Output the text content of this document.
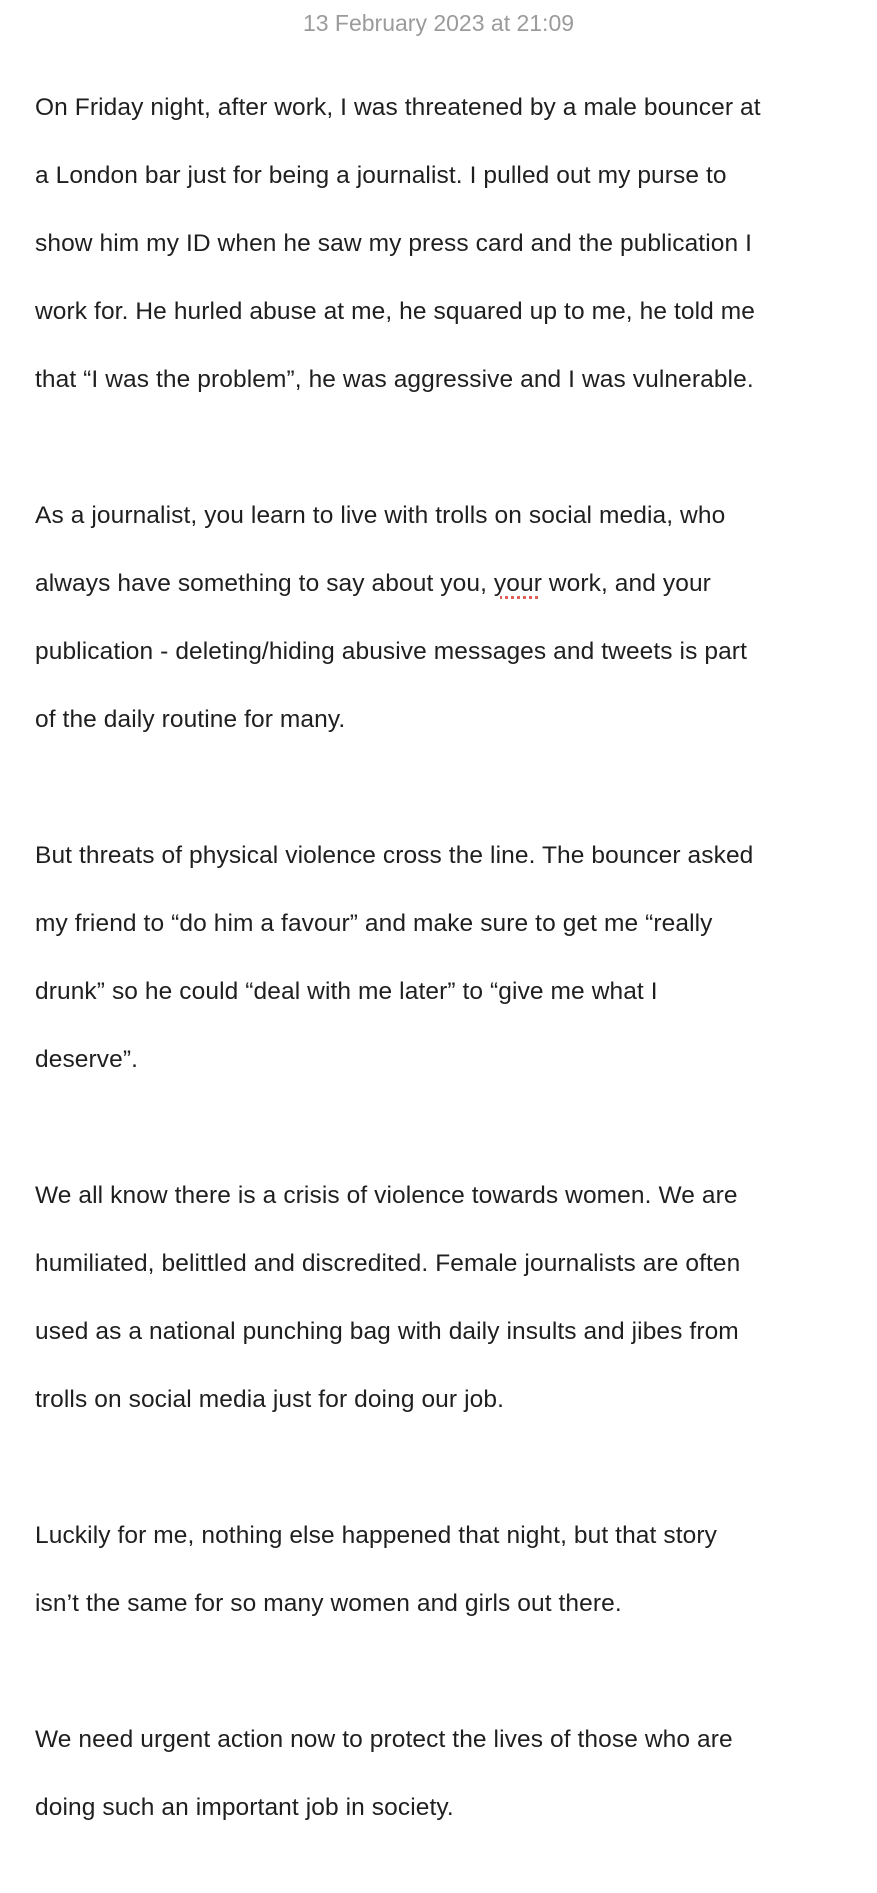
13 February 2023 at 21:09

On Friday night, after work, I was threatened by a male bouncer at

a London bar just for being a journalist. I pulled out my purse to

show him my ID when he saw my press card and the publication I

work for. He hurled abuse at me, he squared up to me, he told me

that “I was the problem”, he was aggressive and I was vulnerable.

As a journalist, you learn to live with trolls on social media, who

always have something to say about you, your work, and your

publication - deleting/hiding abusive messages and tweets is part

of the daily routine for many.

But threats of physical violence cross the line. The bouncer asked

my friend to “do him a favour” and make sure to get me “really

drunk” so he could “deal with me later” to “give me what I

deserve”.

We all know there is a crisis of violence towards women. We are

humiliated, belittled and discredited. Female journalists are often

used as a national punching bag with daily insults and jibes from

trolls on social media just for doing our job.

Luckily for me, nothing else happened that night, but that story

isn’t the same for so many women and girls out there.

We need urgent action now to protect the lives of those who are

doing such an important job in society.
